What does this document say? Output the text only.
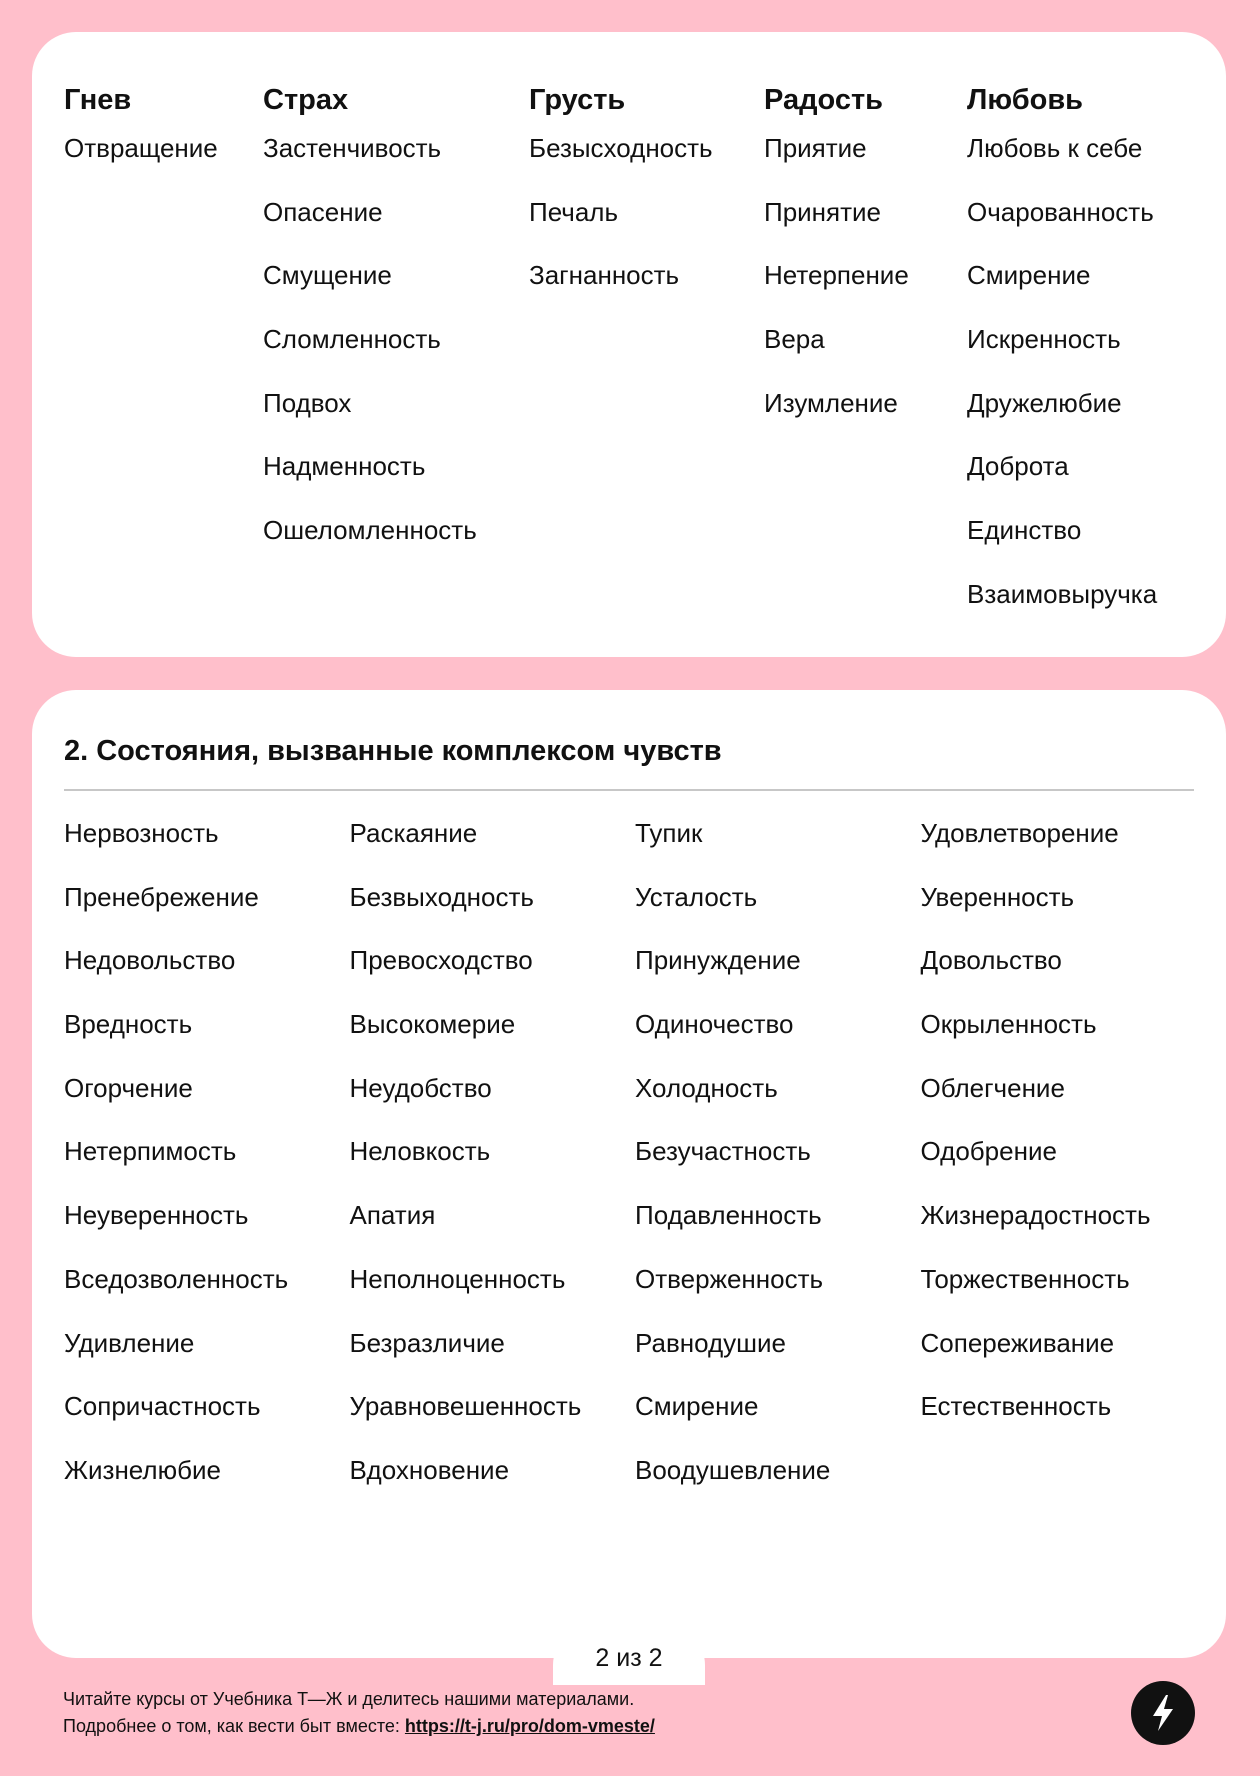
Гнев
Отвращение
Страх
Застенчивость
Опасение
Смущение
Сломленность
Подвох
Надменность
Ошеломленность
Грусть
Безысходность
Печаль
Загнанность
Радость
Приятие
Принятие
Нетерпение
Вера
Изумление
Любовь
Любовь к себе
Очарованность
Смирение
Искренность
Дружелюбие
Доброта
Единство
Взаимовыручка
2. Состояния, вызванные комплексом чувств
Нервозность
Пренебрежение
Недовольство
Вредность
Огорчение
Нетерпимость
Неуверенность
Вседозволенность
Удивление
Сопричастность
Жизнелюбие
Раскаяние
Безвыходность
Превосходство
Высокомерие
Неудобство
Неловкость
Апатия
Неполноценность
Безразличие
Уравновешенность
Вдохновение
Тупик
Усталость
Принуждение
Одиночество
Холодность
Безучастность
Подавленность
Отверженность
Равнодушие
Смирение
Воодушевление
Удовлетворение
Уверенность
Довольство
Окрыленность
Облегчение
Одобрение
Жизнерадостность
Торжественность
Сопереживание
Естественность
2 из 2
Читайте курсы от Учебника Т—Ж и делитесь нашими материалами.
Подробнее о том, как вести быт вместе: https://t-j.ru/pro/dom-vmeste/
